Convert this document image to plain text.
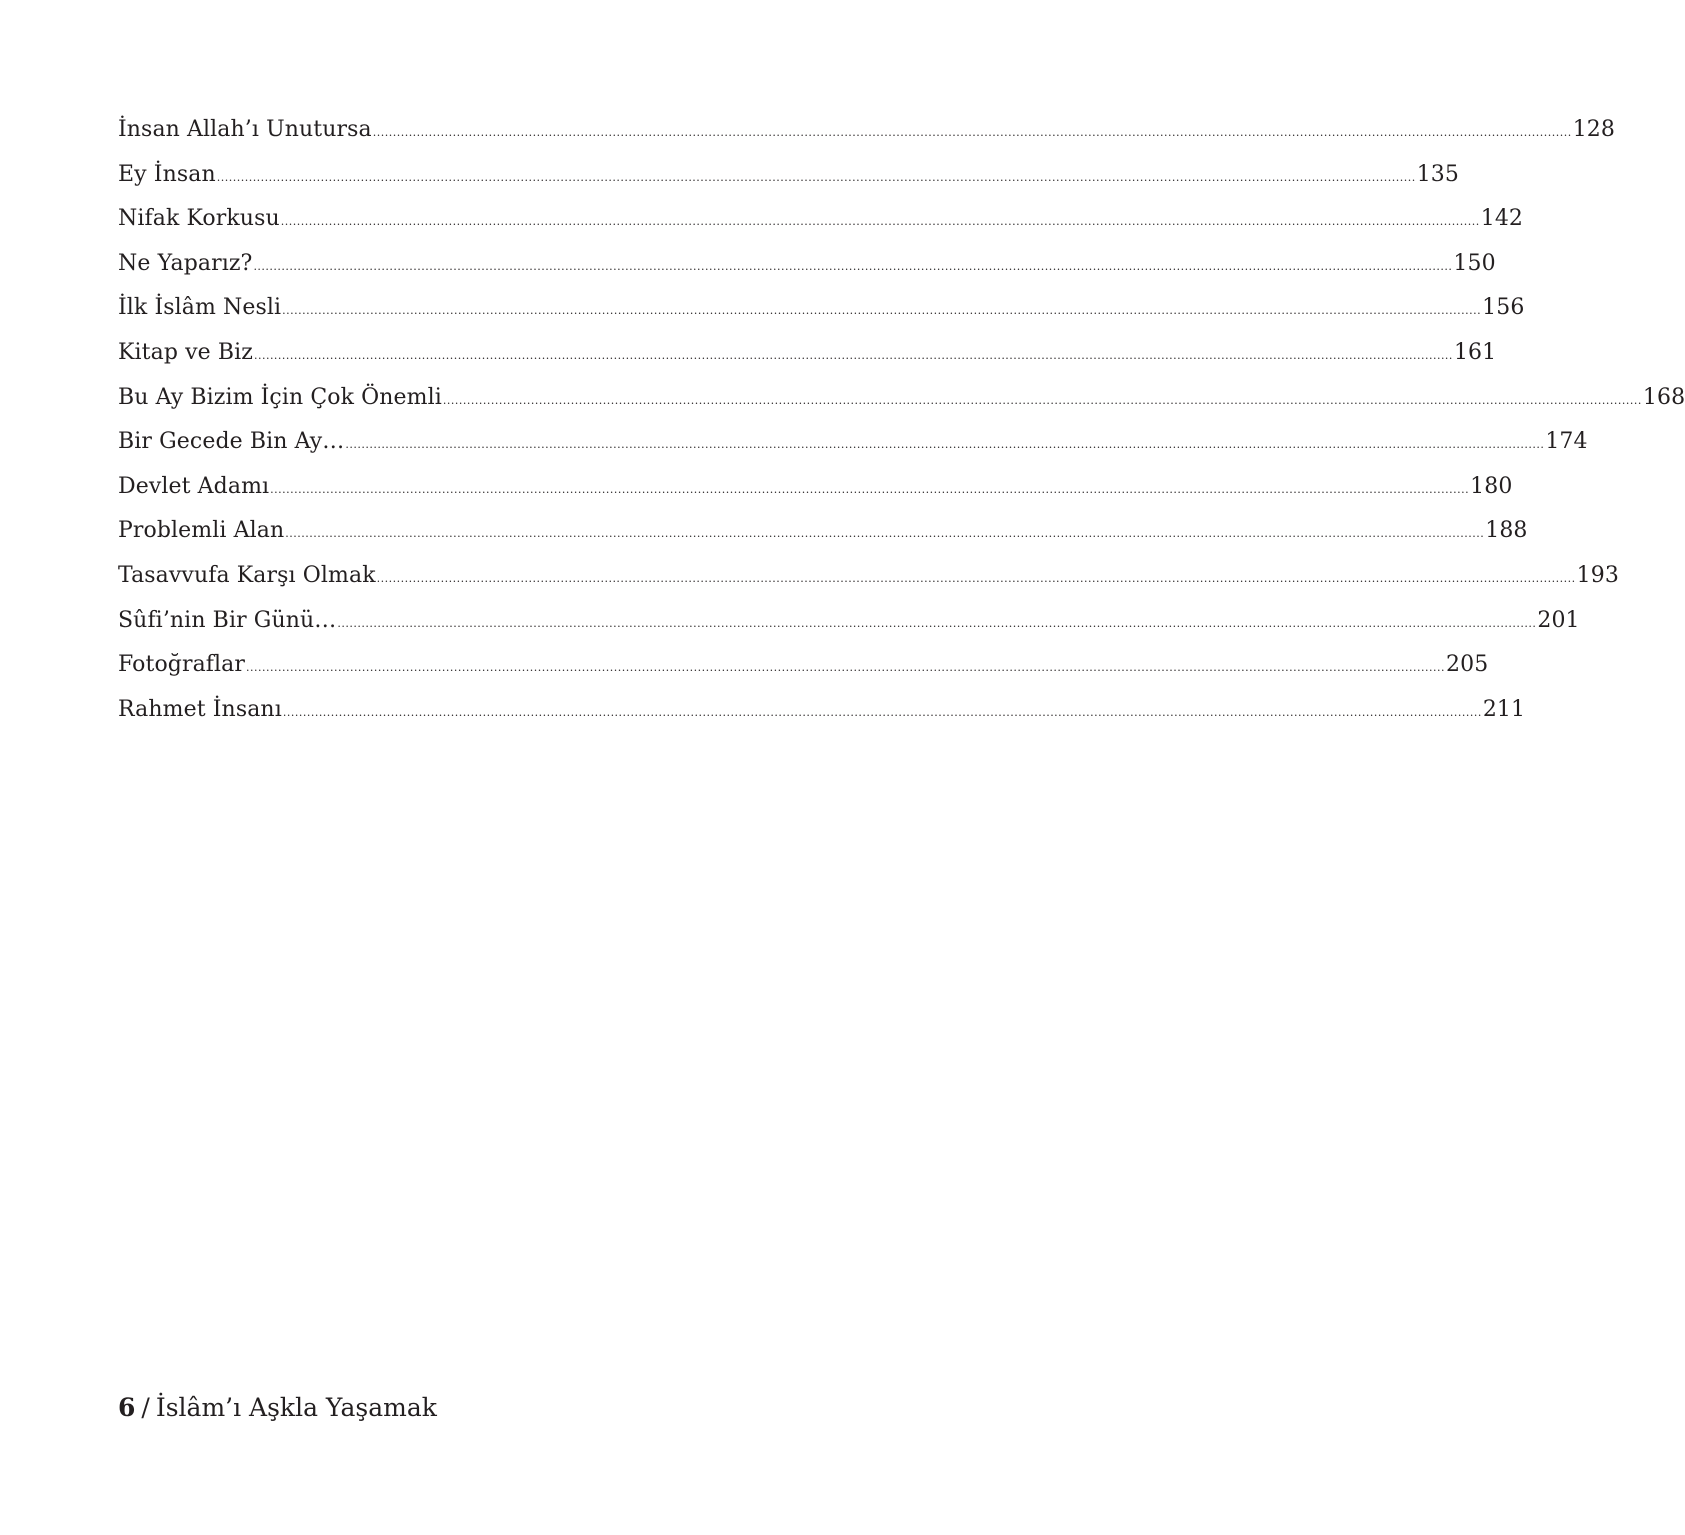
İnsan Allah’ı Unutursa ............................................................................................................................................................................................................................................................................................................ 128
Ey İnsan ............................................................................................................................................................................................................................................................................................................ 135
Nifak Korkusu ............................................................................................................................................................................................................................................................................................................ 142
Ne Yaparız? ............................................................................................................................................................................................................................................................................................................ 150
İlk İslâm Nesli ............................................................................................................................................................................................................................................................................................................ 156
Kitap ve Biz ............................................................................................................................................................................................................................................................................................................ 161
Bu Ay Bizim İçin Çok Önemli ............................................................................................................................................................................................................................................................................................................ 168
Bir Gecede Bin Ay… ............................................................................................................................................................................................................................................................................................................ 174
Devlet Adamı ............................................................................................................................................................................................................................................................................................................ 180
Problemli Alan ............................................................................................................................................................................................................................................................................................................ 188
Tasavvufa Karşı Olmak ............................................................................................................................................................................................................................................................................................................ 193
Sûfi’nin Bir Günü… ............................................................................................................................................................................................................................................................................................................ 201
Fotoğraflar ............................................................................................................................................................................................................................................................................................................ 205
Rahmet İnsanı ............................................................................................................................................................................................................................................................................................................ 211
6 / İslâm’ı Aşkla Yaşamak
